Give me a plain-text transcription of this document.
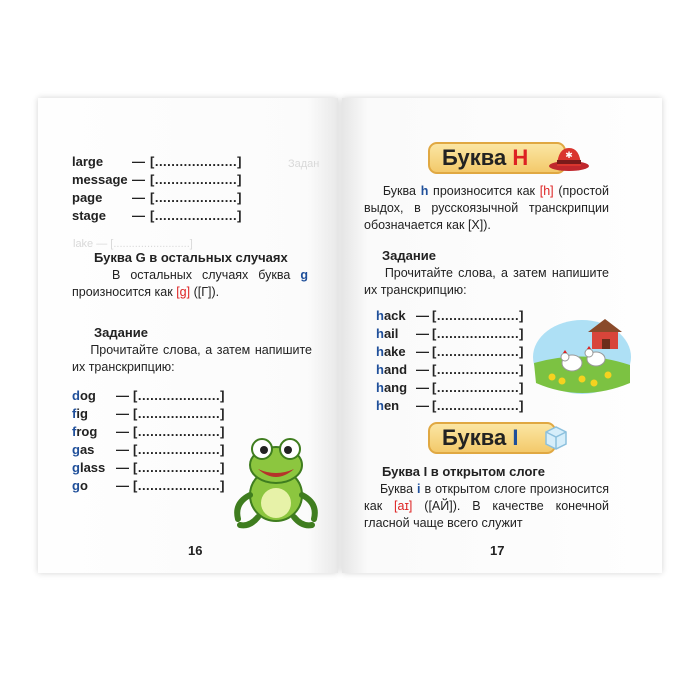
Задан
lake — [.........................]
large — [....................]
message — [....................]
page — [....................]
stage — [....................]
Буква G в остальных случаях
В остальных случаях буква g произносится как [g] ([Г]).
Задание
Прочитайте слова, а затем напишите их транскрипцию:
dog — [....................]
fig — [....................]
frog — [....................]
gas — [....................]
glass — [....................]
go — [....................]
16
Буква H	✱
Буква h произносится как [h] (простой выдох, в русскоязычной транскрипции обозначается как [Х]).
Задание
Прочитайте слова, а затем напишите их транскрипцию:
hack — [....................]
hail — [....................]
hake — [....................]
hand — [....................]
hang — [....................]
hen — [....................]
Буква I
Буква I в открытом слоге
Буква i в открытом слоге произносится как [aɪ] ([АЙ]). В качестве конечной гласной чаще всего служит
17
